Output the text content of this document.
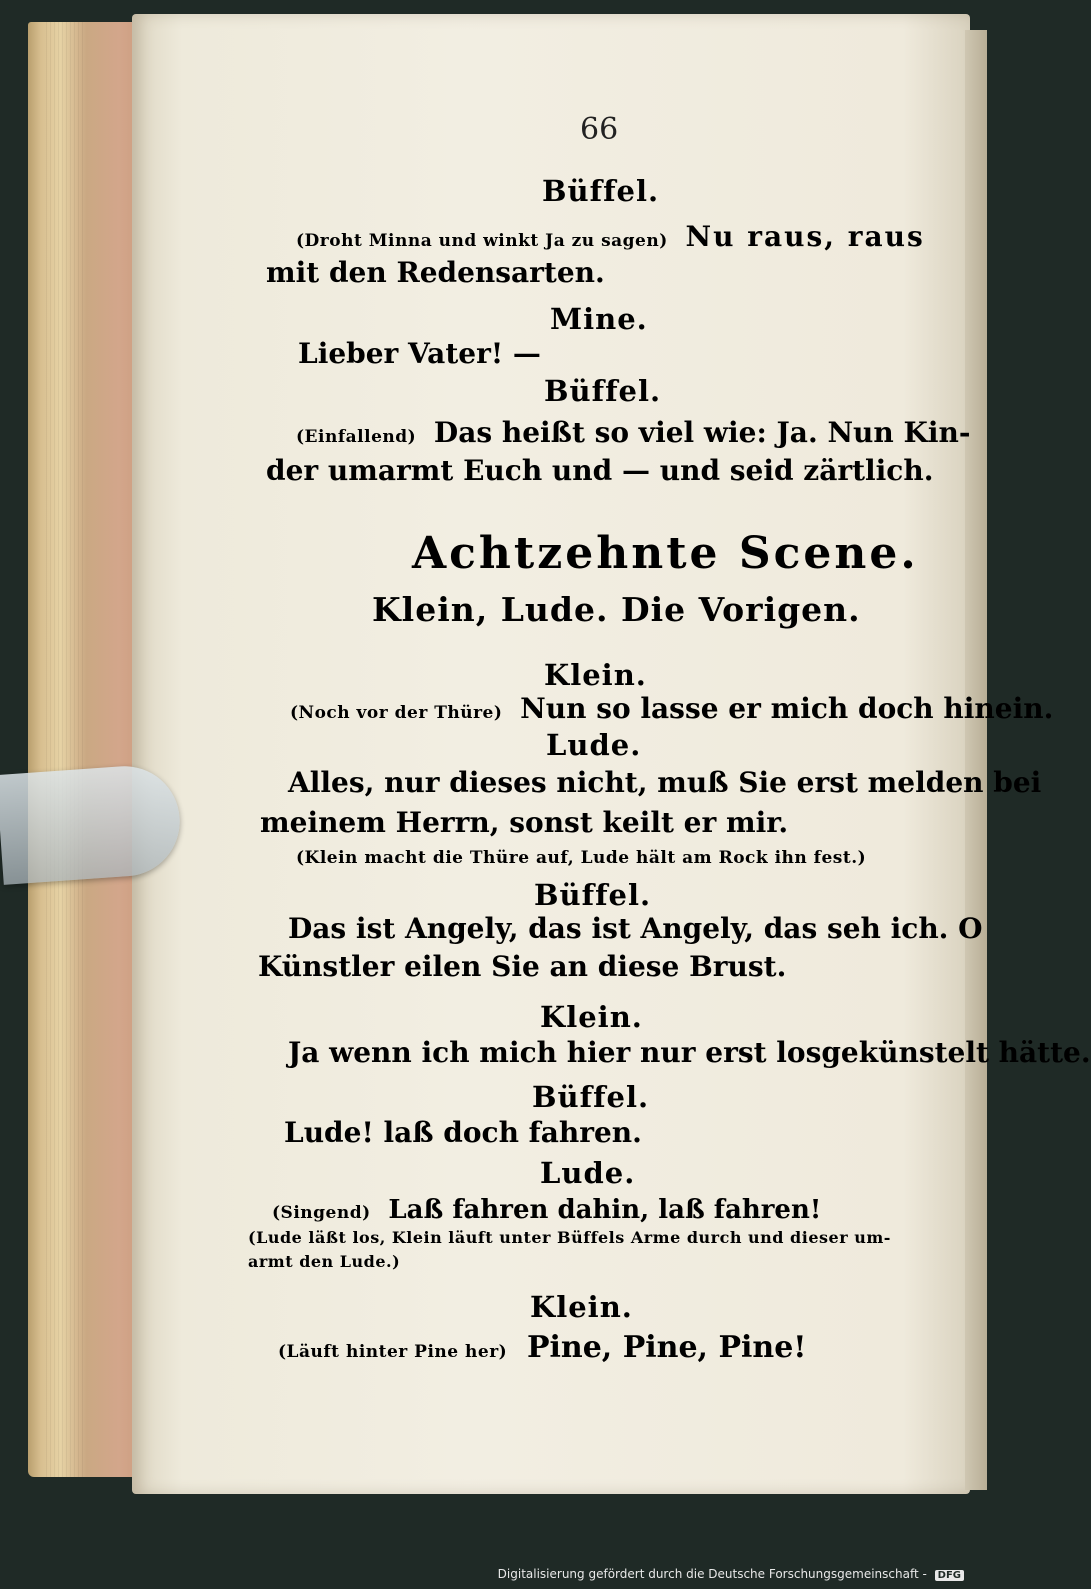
66
Büffel.
(Droht Minna und winkt Ja zu sagen) Nu raus, raus
mit den Redensarten.
Mine.
Lieber Vater! —
Büffel.
(Einfallend) Das heißt so viel wie: Ja. Nun Kin-
der umarmt Euch und — und seid zärtlich.
Achtzehnte Scene.
Klein, Lude. Die Vorigen.
Klein.
(Noch vor der Thüre) Nun so lasse er mich doch hinein.
Lude.
Alles, nur dieses nicht, muß Sie erst melden bei
meinem Herrn, sonst keilt er mir.
(Klein macht die Thüre auf, Lude hält am Rock ihn fest.)
Büffel.
Das ist Angely, das ist Angely, das seh ich. O
Künstler eilen Sie an diese Brust.
Klein.
Ja wenn ich mich hier nur erst losgekünstelt hätte.
Büffel.
Lude! laß doch fahren.
Lude.
(Singend) Laß fahren dahin, laß fahren!
(Lude läßt los, Klein läuft unter Büffels Arme durch und dieser um-
armt den Lude.)
Klein.
(Läuft hinter Pine her) Pine, Pine, Pine!
Digitalisierung gefördert durch die Deutsche Forschungsgemeinschaft - DFG
